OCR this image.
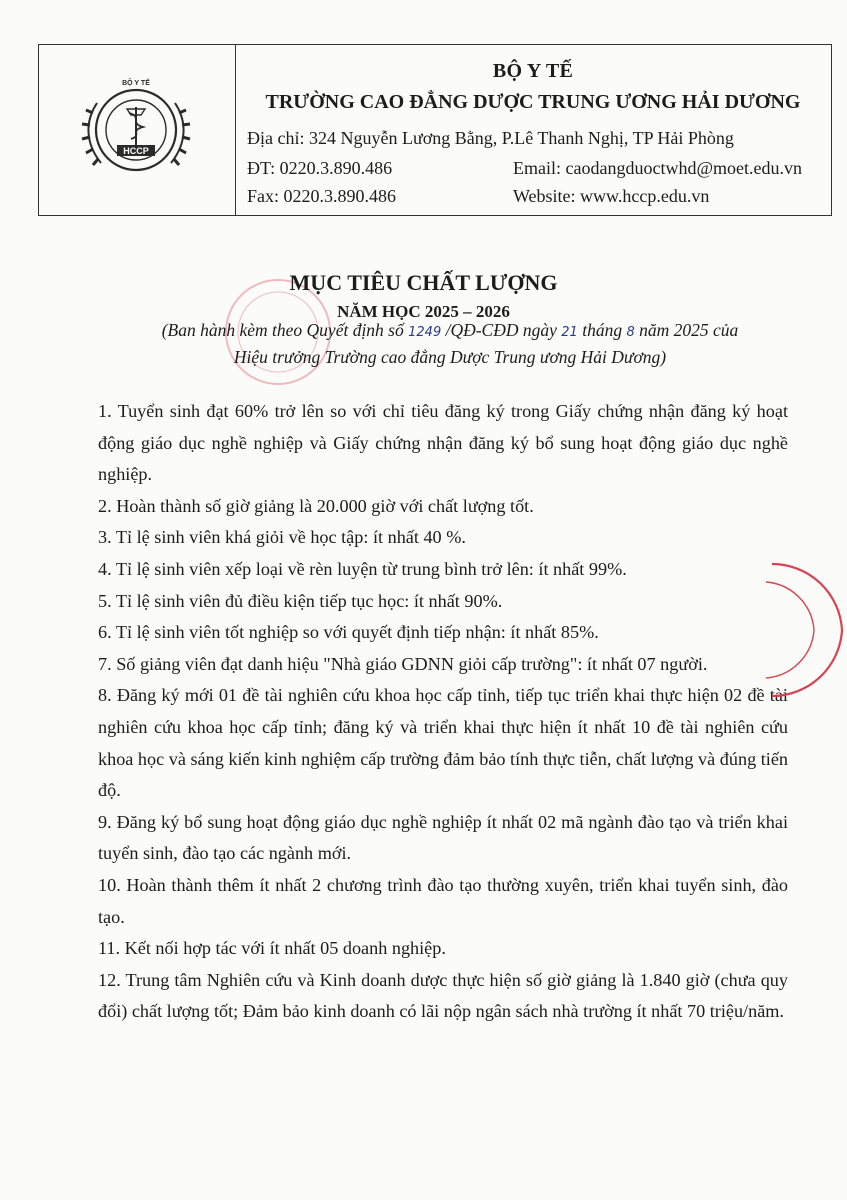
HCCP
BỘ Y TẾ
BỘ Y TẾ
TRƯỜNG CAO ĐẲNG DƯỢC TRUNG ƯƠNG HẢI DƯƠNG
Địa chỉ: 324 Nguyễn Lương Bằng, P.Lê Thanh Nghị, TP Hải Phòng
ĐT: 0220.3.890.486	Email: caodangduoctwhd@moet.edu.vn
Fax: 0220.3.890.486	Website: www.hccp.edu.vn
MỤC TIÊU CHẤT LƯỢNG
NĂM HỌC 2025 – 2026
(Ban hành kèm theo Quyết định số 1249 /QĐ-CĐD ngày 21 tháng 8 năm 2025 của
Hiệu trưởng Trường cao đẳng Dược Trung ương Hải Dương)

1. Tuyển sinh đạt 60% trở lên so với chỉ tiêu đăng ký trong Giấy chứng nhận đăng ký hoạt động giáo dục nghề nghiệp và Giấy chứng nhận đăng ký bổ sung hoạt động giáo dục nghề nghiệp.

2. Hoàn thành số giờ giảng là 20.000 giờ với chất lượng tốt.

3. Tỉ lệ sinh viên khá giỏi về học tập: ít nhất 40 %.

4. Tỉ lệ sinh viên xếp loại về rèn luyện từ trung bình trở lên: ít nhất 99%.

5. Tỉ lệ sinh viên đủ điều kiện tiếp tục học: ít nhất 90%.

6. Tỉ lệ sinh viên tốt nghiệp so với quyết định tiếp nhận: ít nhất 85%.

7. Số giảng viên đạt danh hiệu "Nhà giáo GDNN giỏi cấp trường": ít nhất 07 người.

8. Đăng ký mới 01 đề tài nghiên cứu khoa học cấp tỉnh, tiếp tục triển khai thực hiện 02 đề tài nghiên cứu khoa học cấp tỉnh; đăng ký và triển khai thực hiện ít nhất 10 đề tài nghiên cứu khoa học và sáng kiến kinh nghiệm cấp trường đảm bảo tính thực tiễn, chất lượng và đúng tiến độ.

9. Đăng ký bổ sung hoạt động giáo dục nghề nghiệp ít nhất 02 mã ngành đào tạo và triển khai tuyển sinh, đào tạo các ngành mới.

10. Hoàn thành thêm ít nhất 2 chương trình đào tạo thường xuyên, triển khai tuyển sinh, đào tạo.

11. Kết nối hợp tác với ít nhất 05 doanh nghiệp.

12. Trung tâm Nghiên cứu và Kinh doanh dược thực hiện số giờ giảng là 1.840 giờ (chưa quy đổi) chất lượng tốt; Đảm bảo kinh doanh có lãi nộp ngân sách nhà trường ít nhất 70 triệu/năm.
